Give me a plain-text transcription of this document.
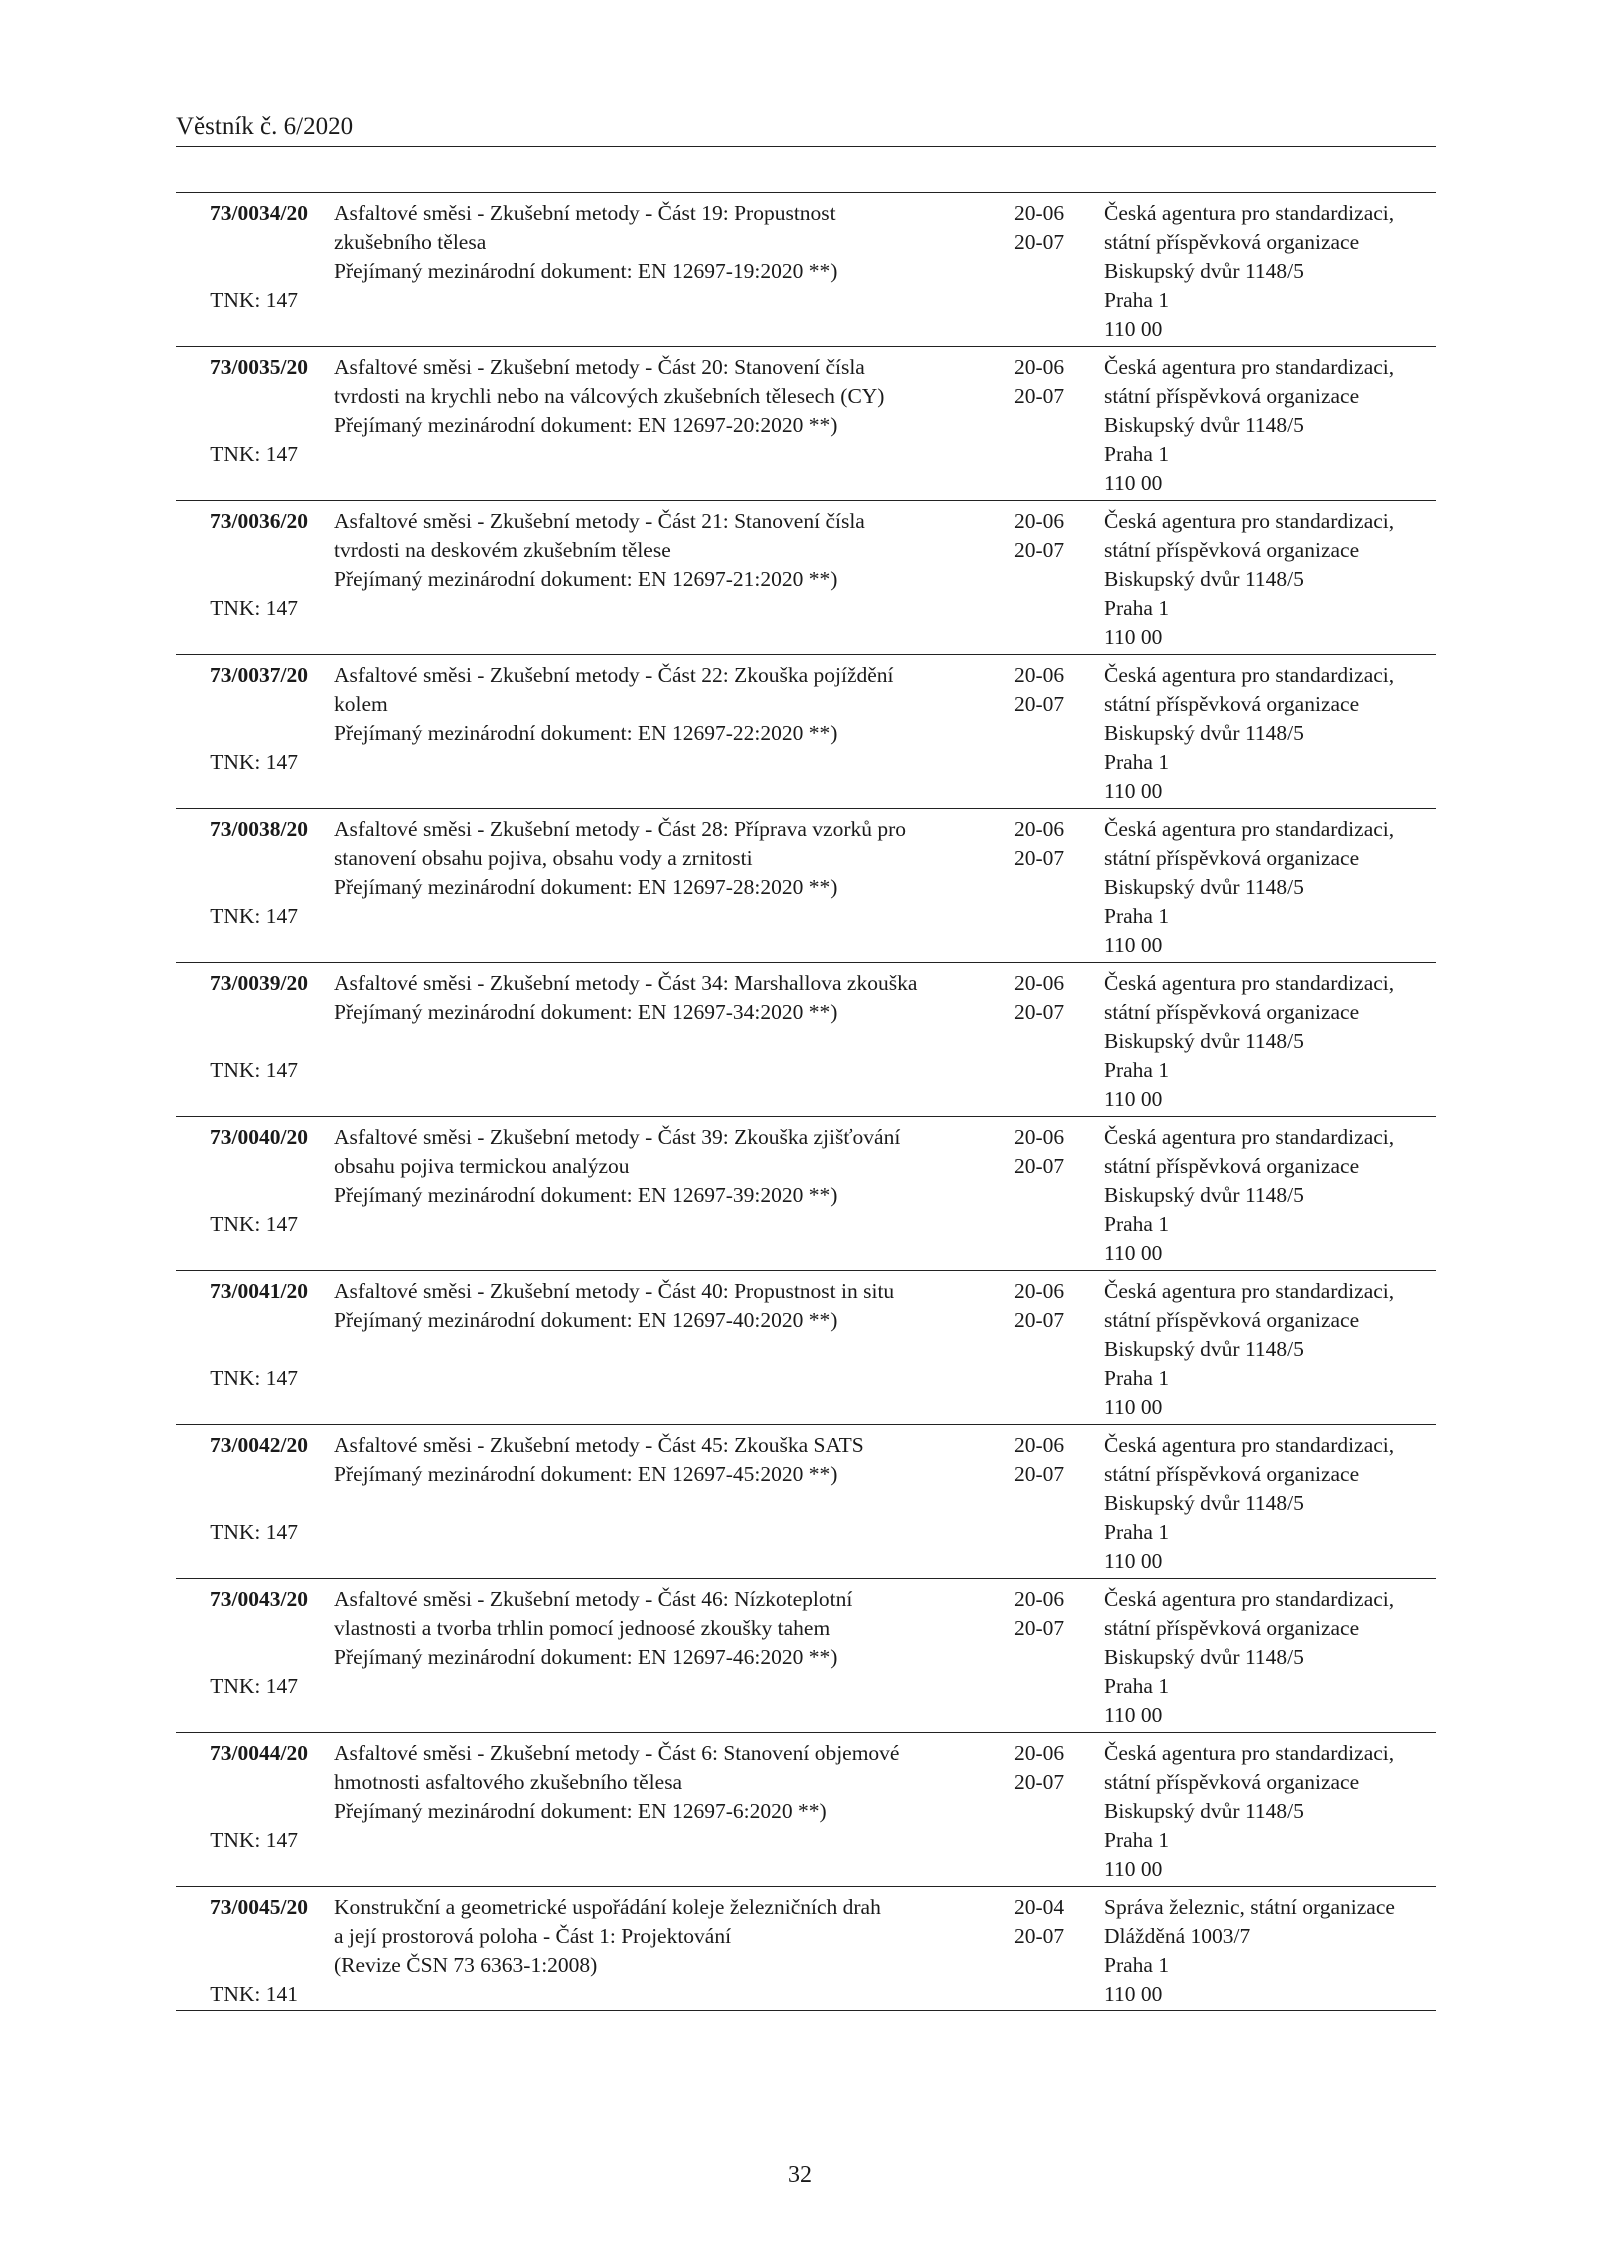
Věstník č. 6/2020
73/0034/20
TNK: 147
Asfaltové směsi - Zkušební metody - Část 19: Propustnost
zkušebního tělesa
Přejímaný mezinárodní dokument: EN 12697-19:2020 **)
20-06
20-07
Česká agentura pro standardizaci,
státní příspěvková organizace
Biskupský dvůr 1148/5
Praha 1
110 00
73/0035/20
TNK: 147
Asfaltové směsi - Zkušební metody - Část 20: Stanovení čísla
tvrdosti na krychli nebo na válcových zkušebních tělesech (CY)
Přejímaný mezinárodní dokument: EN 12697-20:2020 **)
20-06
20-07
Česká agentura pro standardizaci,
státní příspěvková organizace
Biskupský dvůr 1148/5
Praha 1
110 00
73/0036/20
TNK: 147
Asfaltové směsi - Zkušební metody - Část 21: Stanovení čísla
tvrdosti na deskovém zkušebním tělese
Přejímaný mezinárodní dokument: EN 12697-21:2020 **)
20-06
20-07
Česká agentura pro standardizaci,
státní příspěvková organizace
Biskupský dvůr 1148/5
Praha 1
110 00
73/0037/20
TNK: 147
Asfaltové směsi - Zkušební metody - Část 22: Zkouška pojíždění
kolem
Přejímaný mezinárodní dokument: EN 12697-22:2020 **)
20-06
20-07
Česká agentura pro standardizaci,
státní příspěvková organizace
Biskupský dvůr 1148/5
Praha 1
110 00
73/0038/20
TNK: 147
Asfaltové směsi - Zkušební metody - Část 28: Příprava vzorků pro
stanovení obsahu pojiva, obsahu vody a zrnitosti
Přejímaný mezinárodní dokument: EN 12697-28:2020 **)
20-06
20-07
Česká agentura pro standardizaci,
státní příspěvková organizace
Biskupský dvůr 1148/5
Praha 1
110 00
73/0039/20
TNK: 147
Asfaltové směsi - Zkušební metody - Část 34: Marshallova zkouška
Přejímaný mezinárodní dokument: EN 12697-34:2020 **)
20-06
20-07
Česká agentura pro standardizaci,
státní příspěvková organizace
Biskupský dvůr 1148/5
Praha 1
110 00
73/0040/20
TNK: 147
Asfaltové směsi - Zkušební metody - Část 39: Zkouška zjišťování
obsahu pojiva termickou analýzou
Přejímaný mezinárodní dokument: EN 12697-39:2020 **)
20-06
20-07
Česká agentura pro standardizaci,
státní příspěvková organizace
Biskupský dvůr 1148/5
Praha 1
110 00
73/0041/20
TNK: 147
Asfaltové směsi - Zkušební metody - Část 40: Propustnost in situ
Přejímaný mezinárodní dokument: EN 12697-40:2020 **)
20-06
20-07
Česká agentura pro standardizaci,
státní příspěvková organizace
Biskupský dvůr 1148/5
Praha 1
110 00
73/0042/20
TNK: 147
Asfaltové směsi - Zkušební metody - Část 45: Zkouška SATS
Přejímaný mezinárodní dokument: EN 12697-45:2020 **)
20-06
20-07
Česká agentura pro standardizaci,
státní příspěvková organizace
Biskupský dvůr 1148/5
Praha 1
110 00
73/0043/20
TNK: 147
Asfaltové směsi - Zkušební metody - Část 46: Nízkoteplotní
vlastnosti a tvorba trhlin pomocí jednoosé zkoušky tahem
Přejímaný mezinárodní dokument: EN 12697-46:2020 **)
20-06
20-07
Česká agentura pro standardizaci,
státní příspěvková organizace
Biskupský dvůr 1148/5
Praha 1
110 00
73/0044/20
TNK: 147
Asfaltové směsi - Zkušební metody - Část 6: Stanovení objemové
hmotnosti asfaltového zkušebního tělesa
Přejímaný mezinárodní dokument: EN 12697-6:2020 **)
20-06
20-07
Česká agentura pro standardizaci,
státní příspěvková organizace
Biskupský dvůr 1148/5
Praha 1
110 00
73/0045/20
TNK: 141
Konstrukční a geometrické uspořádání koleje železničních drah
a její prostorová poloha - Část 1: Projektování
(Revize ČSN 73 6363-1:2008)
20-04
20-07
Správa železnic, státní organizace
Dlážděná 1003/7
Praha 1
110 00
32
